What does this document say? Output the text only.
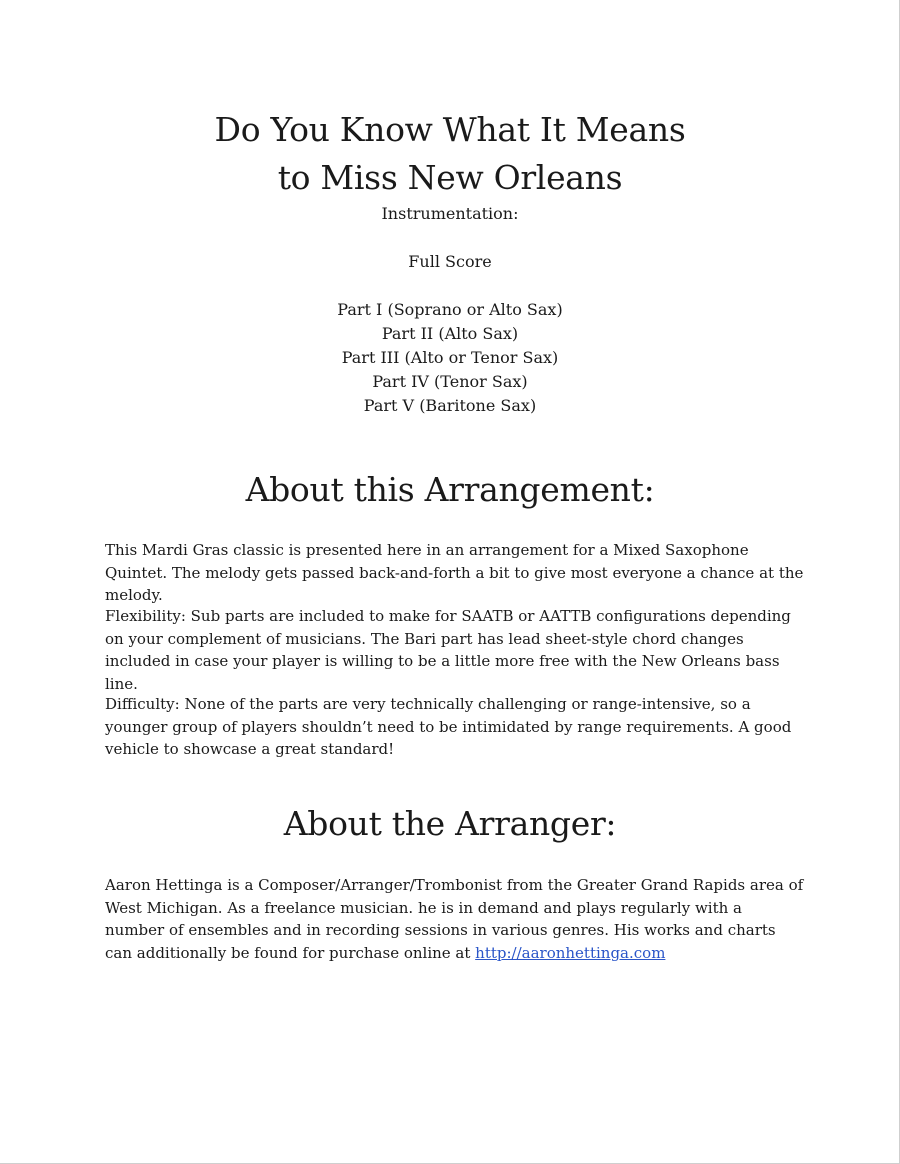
Do You Know What It Means
to Miss New Orleans
Instrumentation:
Full Score
Part I (Soprano or Alto Sax)
Part II (Alto Sax)
Part III (Alto or Tenor Sax)
Part IV (Tenor Sax)
Part V (Baritone Sax)
About this Arrangement:

This Mardi Gras classic is presented here in an arrangement for a Mixed Saxophone Quintet. The melody gets passed back-and-forth a bit to give most everyone a chance at the melody.

Flexibility: Sub parts are included to make for SAATB or AATTB configurations depending on your complement of musicians. The Bari part has lead sheet-style chord changes included in case your player is willing to be a little more free with the New Orleans bass line.

Difficulty: None of the parts are very technically challenging or range-intensive, so a younger group of players shouldn’t need to be intimidated by range requirements. A good vehicle to showcase a great standard!

About the Arranger:

Aaron Hettinga is a Composer/Arranger/Trombonist from the Greater Grand Rapids area of West Michigan. As a freelance musician. he is in demand and plays regularly with a number of ensembles and in recording sessions in various genres. His works and charts can additionally be found for purchase online at http://aaronhettinga.com
